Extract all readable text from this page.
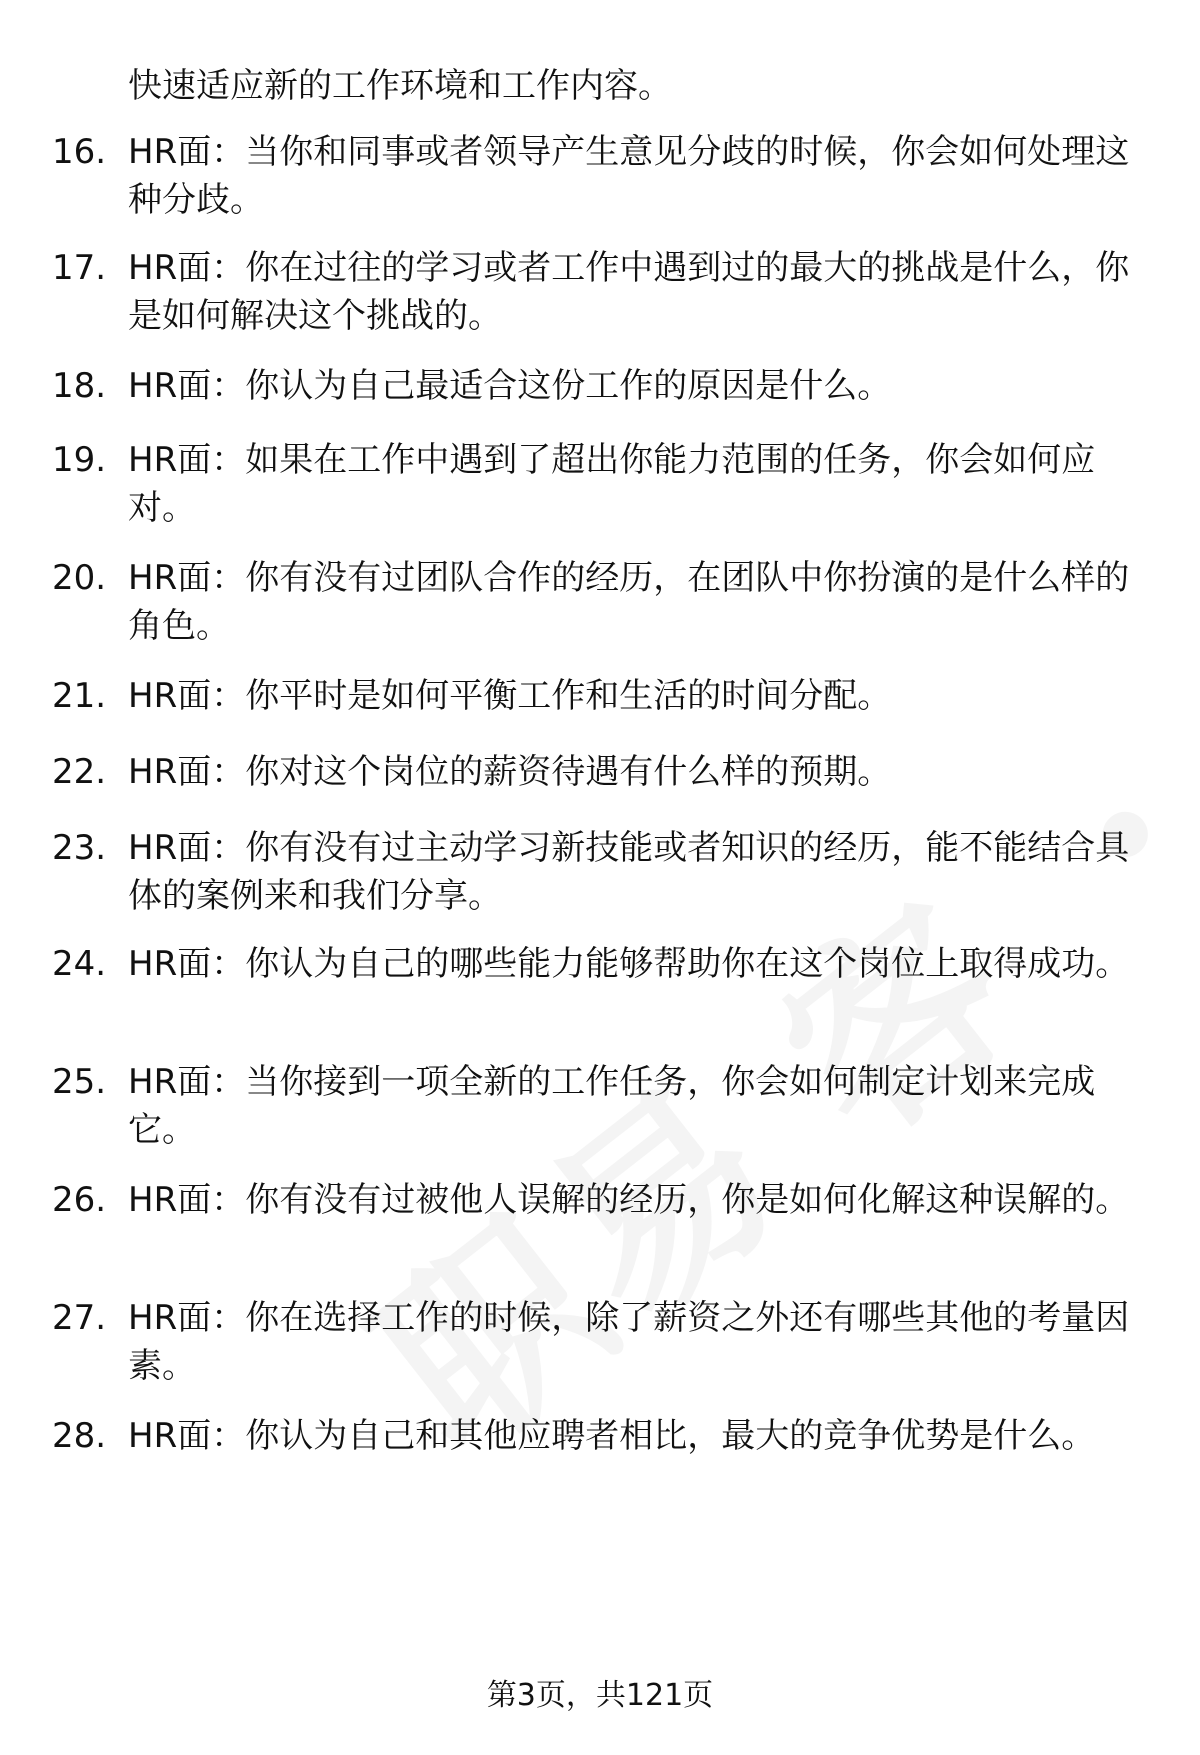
快速适应新的工作环境和工作内容。
16. HR面：当你和同事或者领导产生意见分歧的时候，你会如何处理这种分歧。
17. HR面：你在过往的学习或者工作中遇到过的最大的挑战是什么，你是如何解决这个挑战的。
18. HR面：你认为自己最适合这份工作的原因是什么。
19. HR面：如果在工作中遇到了超出你能力范围的任务，你会如何应对。
20. HR面：你有没有过团队合作的经历，在团队中你扮演的是什么样的角色。
21. HR面：你平时是如何平衡工作和生活的时间分配。
22. HR面：你对这个岗位的薪资待遇有什么样的预期。
23. HR面：你有没有过主动学习新技能或者知识的经历，能不能结合具体的案例来和我们分享。
24. HR面：你认为自己的哪些能力能够帮助你在这个岗位上取得成功。
25. HR面：当你接到一项全新的工作任务，你会如何制定计划来完成它。
26. HR面：你有没有过被他人误解的经历，你是如何化解这种误解的。
27. HR面：你在选择工作的时候，除了薪资之外还有哪些其他的考量因素。
28. HR面：你认为自己和其他应聘者相比，最大的竞争优势是什么。
第3页，共121页
